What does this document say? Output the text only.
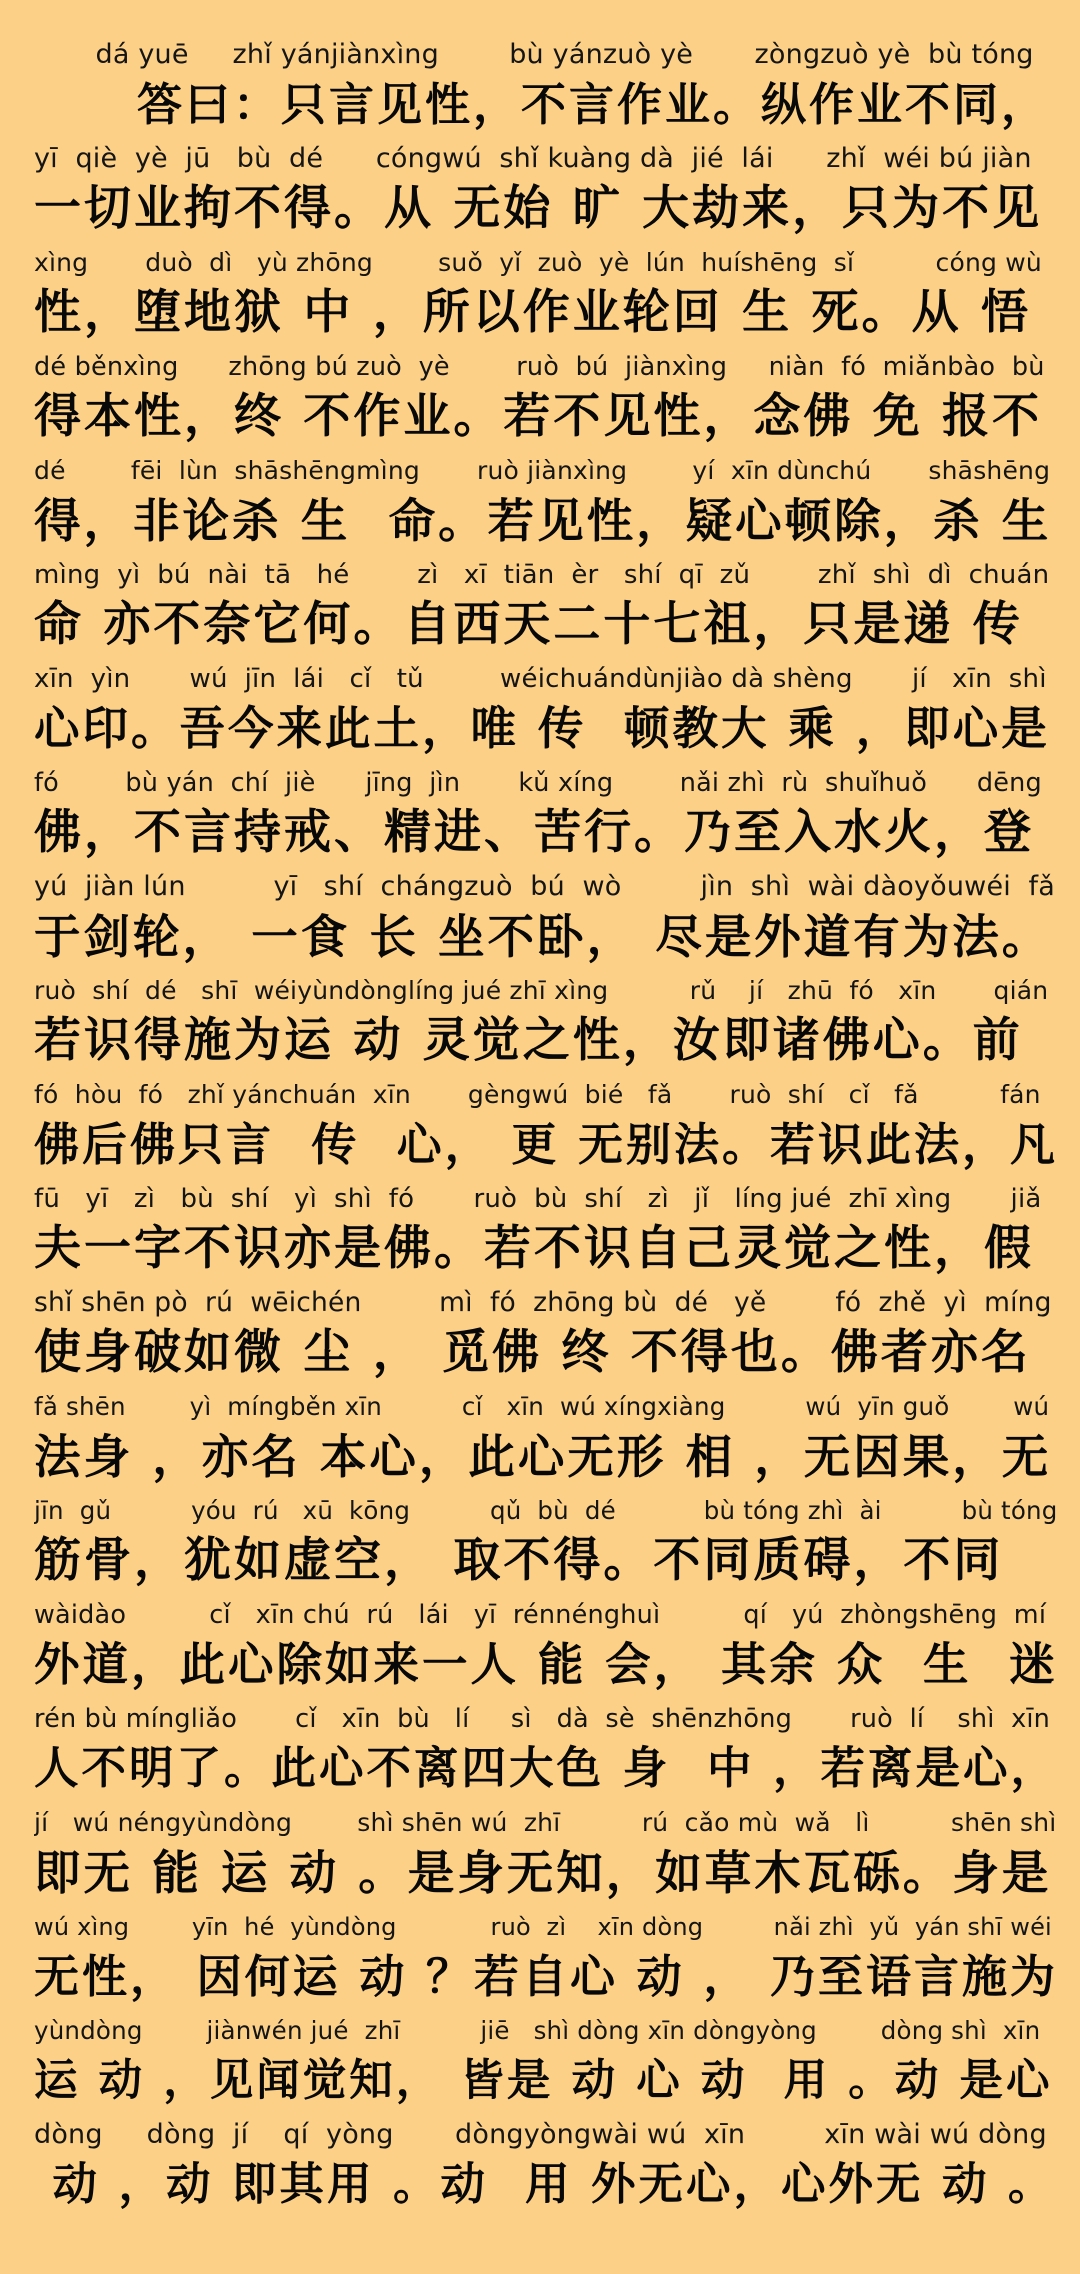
dá yuē     zhǐ yánjiànxìng        bù yánzuò yè       zòngzuò yè  bù tóng
答曰：只言见性，不言作业。纵作业不同，
yī  qiè  yè  jū   bù  dé      cóngwú  shǐ kuàng dà  jié  lái      zhǐ  wéi bú jiàn
一切业拘不得。从 无始 旷 大劫来，只为不见
xìng       duò  dì   yù zhōng        suǒ  yǐ  zuò  yè  lún  huíshēng  sǐ          cóng wù
性，堕地狱 中 ，所以作业轮回 生 死。从 悟
dé běnxìng      zhōng bú zuò  yè        ruò  bú  jiànxìng     niàn  fó  miǎnbào  bù
得本性，终 不作业。若不见性，念佛 免 报不
dé        fēi  lùn  shāshēngmìng       ruò jiànxìng        yí  xīn dùnchú       shāshēng
得，非论杀 生  命。若见性，疑心顿除，杀 生
mìng  yì  bú  nài  tā   hé        zì   xī  tiān  èr   shí  qī  zǔ        zhǐ  shì  dì  chuán
命 亦不奈它何。自西天二十七祖，只是递 传
xīn  yìn       wú  jīn  lái   cǐ   tǔ         wéichuándùnjiào dà shèng       jí   xīn  shì
心印。吾今来此土，唯 传  顿教大 乘 ，即心是
fó        bù yán  chí  jiè      jīng  jìn       kǔ xíng        nǎi zhì  rù  shuǐhuǒ      dēng
佛，不言持戒、精进、苦行。乃至入水火，登
yú  jiàn lún          yī   shí  chángzuò  bú  wò         jìn  shì  wài dàoyǒuwéi  fǎ
于剑轮， 一食 长 坐不卧， 尽是外道有为法。
ruò  shí  dé   shī  wéiyùndònglíng jué zhī xìng          rǔ    jí   zhū  fó   xīn       qián
若识得施为运 动 灵觉之性，汝即诸佛心。前
fó  hòu  fó   zhǐ yánchuán  xīn       gèngwú  bié   fǎ       ruò  shí   cǐ   fǎ          fán
佛后佛只言  传  心， 更 无别法。若识此法，凡
fū   yī   zì   bù  shí   yì  shì  fó       ruò  bù  shí   zì   jǐ   líng jué  zhī xìng       jiǎ
夫一字不识亦是佛。若不识自己灵觉之性，假
shǐ shēn pò  rú  wēichén         mì  fó  zhōng bù  dé   yě        fó  zhě  yì  míng
使身破如微 尘 ， 觅佛 终 不得也。佛者亦名
fǎ shēn        yì  míngběn xīn          cǐ   xīn  wú xíngxiàng          wú  yīn guǒ        wú
法身 ，亦名 本心，此心无形 相 ，无因果，无
jīn  gǔ          yóu  rú   xū  kōng          qǔ  bù  dé           bù tóng zhì  ài          bù tóng
筋骨，犹如虚空， 取不得。不同质碍，不同
wàidào          cǐ   xīn chú  rú   lái   yī  rénnénghuì          qí   yú  zhòngshēng  mí
外道，此心除如来一人 能 会， 其余 众  生  迷
rén bù míngliǎo       cǐ   xīn  bù   lí     sì   dà  sè  shēnzhōng       ruò  lí    shì  xīn
人不明了。此心不离四大色 身  中 ，若离是心，
jí   wú néngyùndòng        shì shēn wú  zhī          rú  cǎo mù  wǎ   lì          shēn shì
即无 能 运 动 。是身无知，如草木瓦砾。身是
wú xìng        yīn  hé  yùndòng            ruò  zì    xīn dòng         nǎi zhì  yǔ  yán shī wéi
无性， 因何运 动 ？若自心 动 ， 乃至语言施为
yùndòng        jiànwén jué  zhī          jiē   shì dòng xīn dòngyòng        dòng shì  xīn
运 动 ，见闻觉知， 皆是 动 心 动  用 。动 是心
dòng     dòng  jí    qí  yòng       dòngyòngwài wú  xīn         xīn wài wú dòng
动 ，动 即其用 。动  用 外无心，心外无 动 。
